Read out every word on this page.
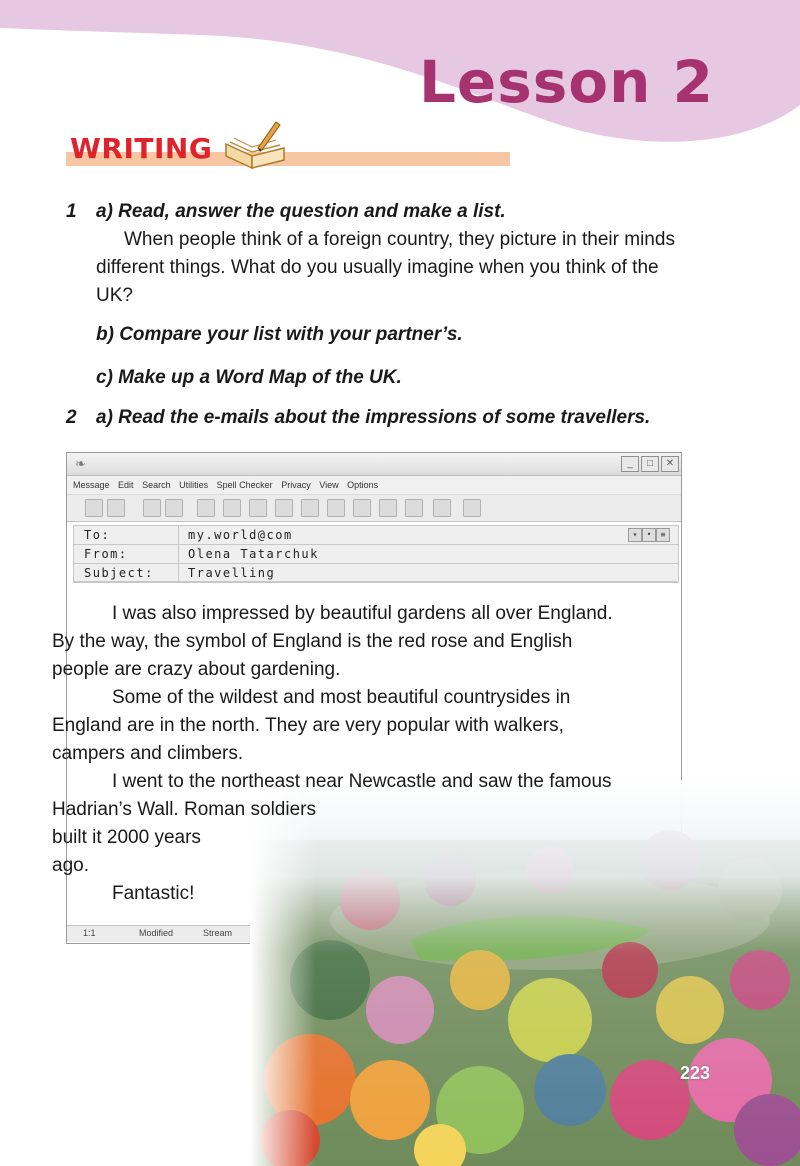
Lesson 2
WRITING
1 a) Read, answer the question and make a list.
When people think of a foreign country, they picture in their minds different things. What do you usually imagine when you think of the UK?
b) Compare your list with your partner’s.
c) Make up a Word Map of the UK.
2 a) Read the e-mails about the impressions of some travellers.
❧	_	□	✕
Message Edit Search Utilities Spell Checker Privacy View Options
To:	my.world@com	▾	•	≡
From:	Olena Tatarchuk
Subject:	Travelling
1:1	Modified	Stream

I was also impressed by beautiful gardens all over England.
By the way, the symbol of England is the red rose and English
people are crazy about gardening.

Some of the wildest and most beautiful countrysides in
England are in the north. They are very popular with walkers,
campers and climbers.

I went to the northeast near Newcastle and saw the famous
Hadrian’s Wall. Roman soldiers
built it 2000 years
ago.

Fantastic!

223
